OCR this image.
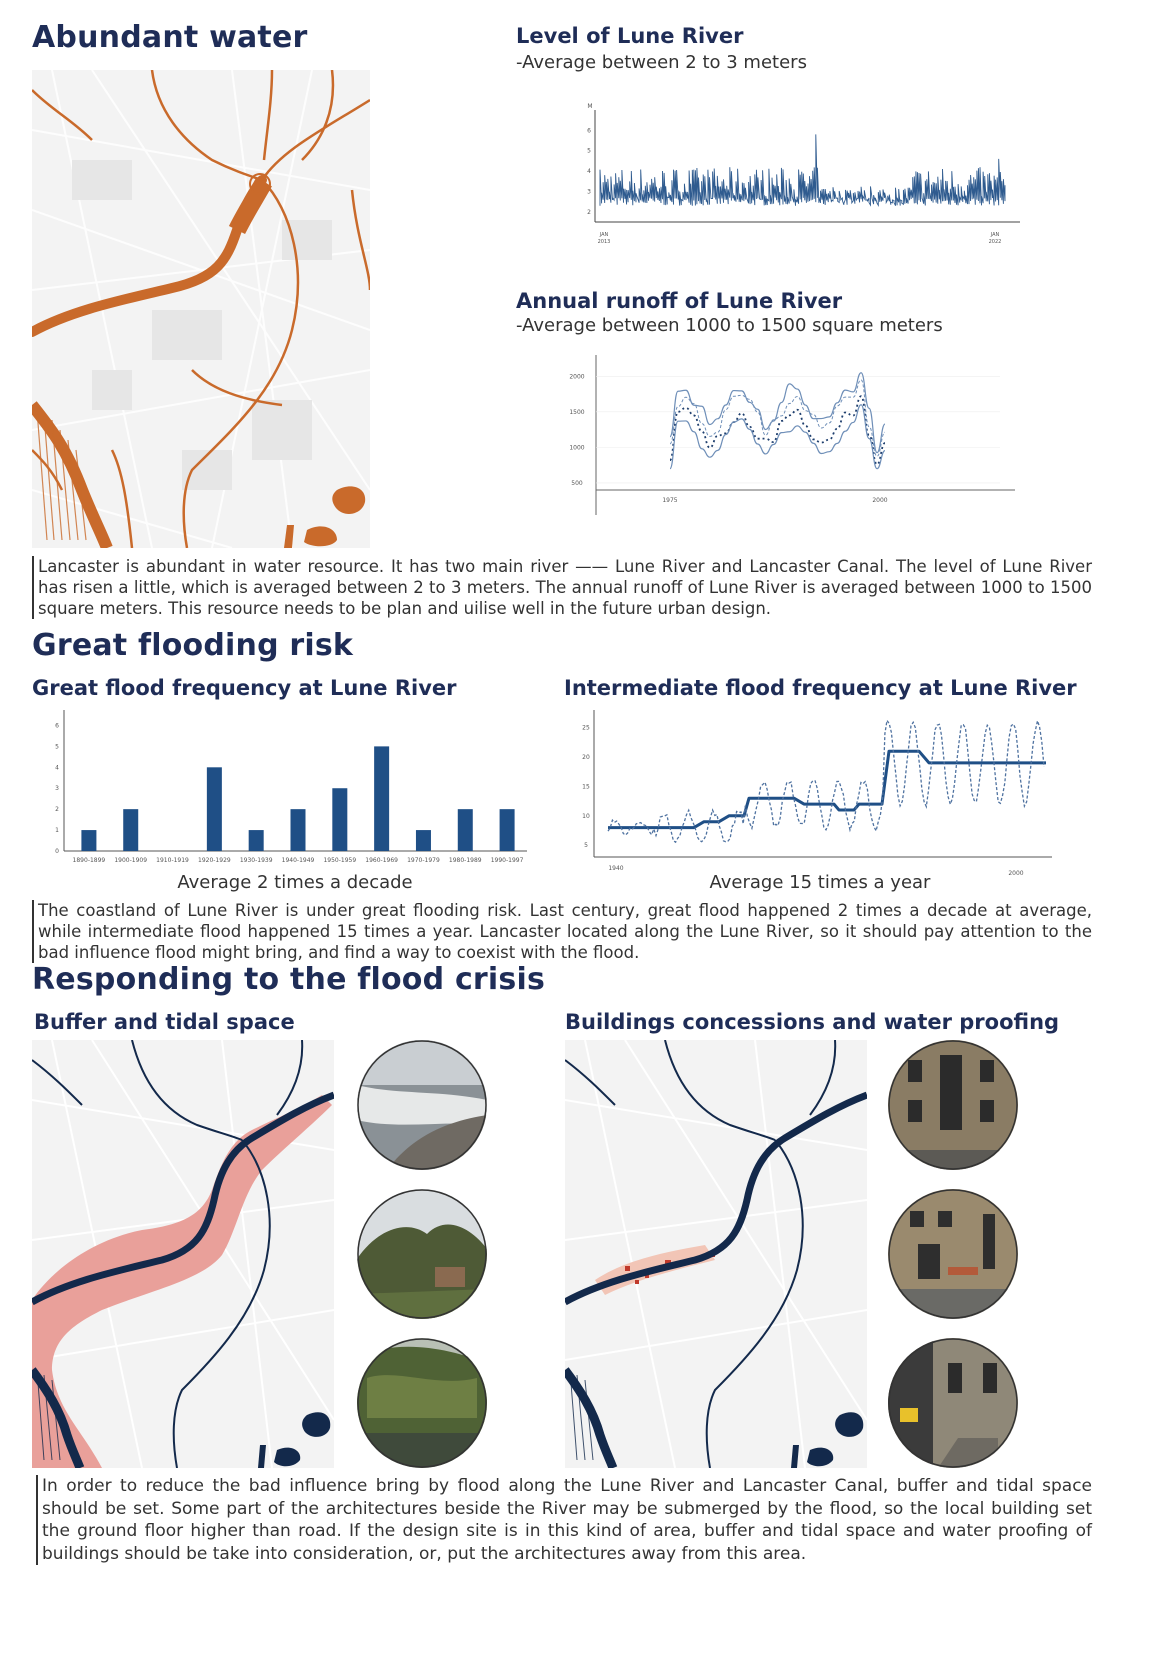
Abundant water	Level of Lune River
-Average between 2 to 3 meters
2
3
4
5
6
M
JAN
2013
JAN
2022
Annual runoff of Lune River
-Average between 1000 to 1500 square meters
500
1000
1500
2000
1975	2000
Lancaster is abundant in water resource. It has two main river —— Lune River and Lancaster Canal. The level of Lune River has risen a little, which is averaged between 2 to 3 meters. The annual runoff of Lune River is averaged between 1000 to 1500 square meters. This resource needs to be plan and uilise well in the future urban design.
Great flooding risk
Great flood frequency at Lune River
0
1
2
3
4
5
6
1890-1899 1900-1909 1910-1919 1920-1929 1930-1939 1940-1949 1950-1959 1960-1969 1970-1979 1980-1989 1990-1997
Average 2 times a decade
Intermediate flood frequency at Lune River
5
10
15
20
25
1940
2000
Average 15 times a year
The coastland of Lune River is under great flooding risk. Last century, great flood happened 2 times a decade at average, while intermediate flood happened 15 times a year. Lancaster located along the Lune River, so it should pay attention to the bad influence flood might bring, and find a way to coexist with the flood.
Responding to the flood crisis
Buffer and tidal space	Buildings concessions and water proofing
In order to reduce the bad influence bring by flood along the Lune River and Lancaster Canal, buffer and tidal space should be set. Some part of the architectures beside the River may be submerged by the flood, so the local building set the ground floor higher than road. If the design site is in this kind of area, buffer and tidal space and water proofing of buildings should be take into consideration, or, put the architectures away from this area.
